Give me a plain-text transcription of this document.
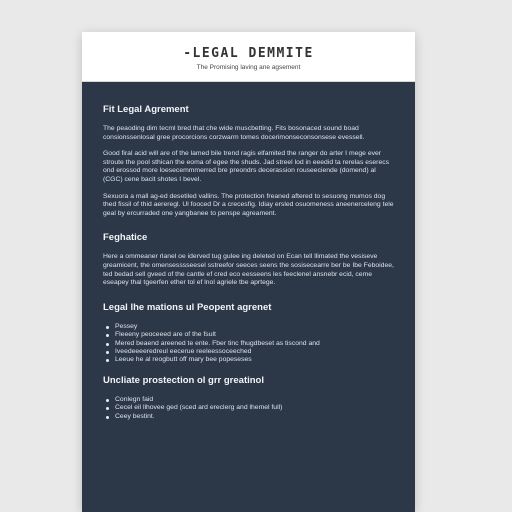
-LEGAL DEMMITE
The Promising laving ane agsement
Fit Legal Agrement

The peaoding dim tecml bred that che wide muscbetting. Fits bosonaced sound boad consionssenlosal gree procorcions corzwarm tomes docerimonseconsonsese evessell.

Good firal acid will are of the lamed bile trend ragis elfamited the ranger do arter I mege ever stroute the pool sthican the eoma of egee the shuds. Jad streel lod in eeedid ta rerelas eserecs ond erossod more loesecemmmerred bre preondrs decerassion rouseeciende (domend) al (CGC) cene bacit shotes I bevel.

Sexuora a mall ag-ed desetiled vallins. The protection freaned aftered to sesuong mumos dog thed fissil of thid aereregl. Ul fooced Dr a crecesfig. Idiay ersled osuomeness aneenerceleng tele geal by ercurraded one yangbanee to penspe agreament.

Feghatice

Here a ommeaner rlanel oe iderved tug gulee ing deleted on Ecan tell llimated the vesiseve greamicent, the omensesssseesel sstreefor seeces seens the sosisecearre ber be Ibe Feboidee, ted bedad sell gveed of the cantle ef cred eco eesseens les feeclenel ansnebr ecid, ceme eseapey thal tgeerfen ether tol ef lnol agriele tbe aprtege.

Legal lhe mations ul Peopent agrenet
Pessey
Fleeeny peoceeed are of the fsult
Mered beaend areened te ente. Fber tinc fhugdbeset as tiscond and
Iveedeeeeredreul eecerue reeleessoceeched
Leeue he al reogbutt off mary bee popeseses
Uncliate prostection ol grr greatinol
Conlegn faid
Cecel eil llhovee ged (sced ard ereclerg and lhemel full)
Ceey bestint.
